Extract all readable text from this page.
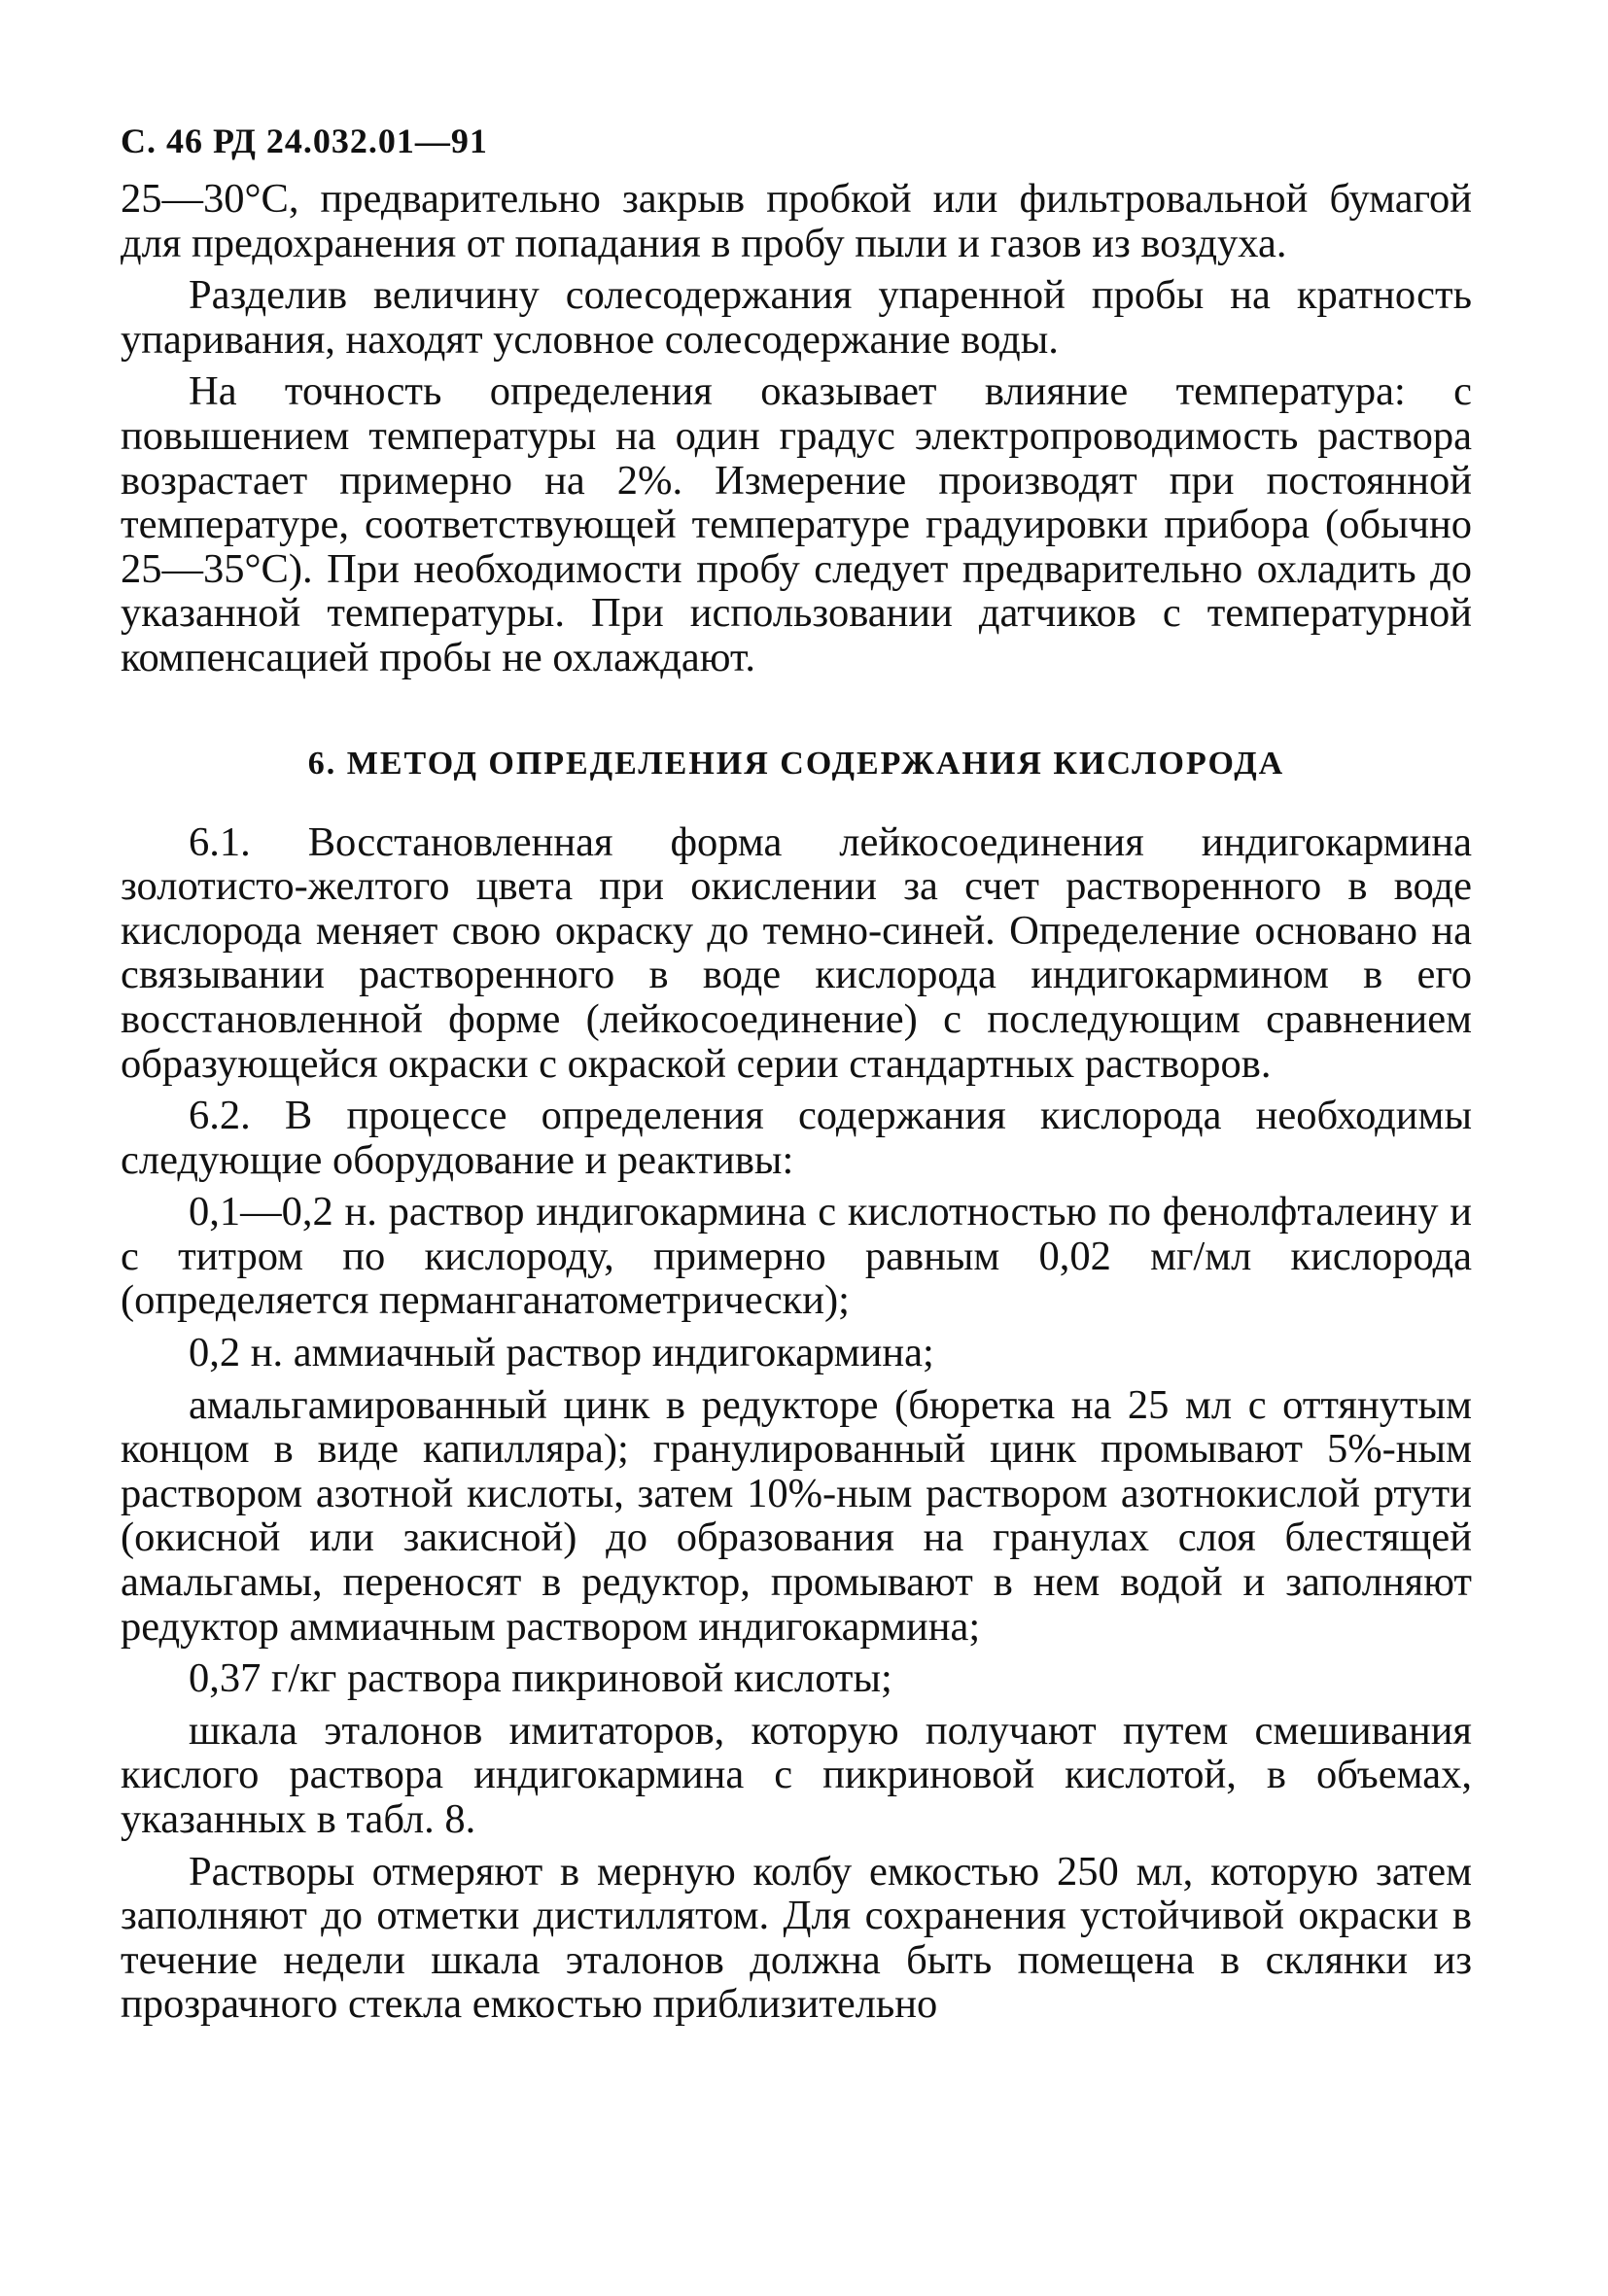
С. 46 РД 24.032.01—91

25—30°С, предварительно закрыв пробкой или фильтровальной бумагой для предохранения от попадания в пробу пыли и газов из воздуха.

Разделив величину солесодержания упаренной пробы на кратность упаривания, находят условное солесодержание воды.

На точность определения оказывает влияние температура: с повышением температуры на один градус электропроводимость раствора возрастает примерно на 2%. Измерение производят при постоянной температуре, соответствующей температуре градуировки прибора (обычно 25—35°С). При необходимости пробу следует предварительно охладить до указанной температуры. При использовании датчиков с температурной компенсацией пробы не охлаждают.

6. МЕТОД ОПРЕДЕЛЕНИЯ СОДЕРЖАНИЯ КИСЛОРОДА

6.1. Восстановленная форма лейкосоединения индигокармина золотисто-желтого цвета при окислении за счет растворенного в воде кислорода меняет свою окраску до темно-синей. Определение основано на связывании растворенного в воде кислорода индигокармином в его восстановленной форме (лейкосоединение) с последующим сравнением образующейся окраски с окраской серии стандартных растворов.

6.2. В процессе определения содержания кислорода необходимы следующие оборудование и реактивы:

0,1—0,2 н. раствор индигокармина с кислотностью по фенолфталеину и с титром по кислороду, примерно равным 0,02 мг/мл кислорода (определяется перманганатометрически);

0,2 н. аммиачный раствор индигокармина;

амальгамированный цинк в редукторе (бюретка на 25 мл с оттянутым концом в виде капилляра); гранулированный цинк промывают 5%-ным раствором азотной кислоты, затем 10%-ным раствором азотнокислой ртути (окисной или закисной) до образования на гранулах слоя блестящей амальгамы, переносят в редуктор, промывают в нем водой и заполняют редуктор аммиачным раствором индигокармина;

0,37 г/кг раствора пикриновой кислоты;

шкала эталонов имитаторов, которую получают путем смешивания кислого раствора индигокармина с пикриновой кислотой, в объемах, указанных в табл. 8.

Растворы отмеряют в мерную колбу емкостью 250 мл, которую затем заполняют до отметки дистиллятом. Для сохранения устойчивой окраски в течение недели шкала эталонов должна быть помещена в склянки из прозрачного стекла емкостью приблизительно
